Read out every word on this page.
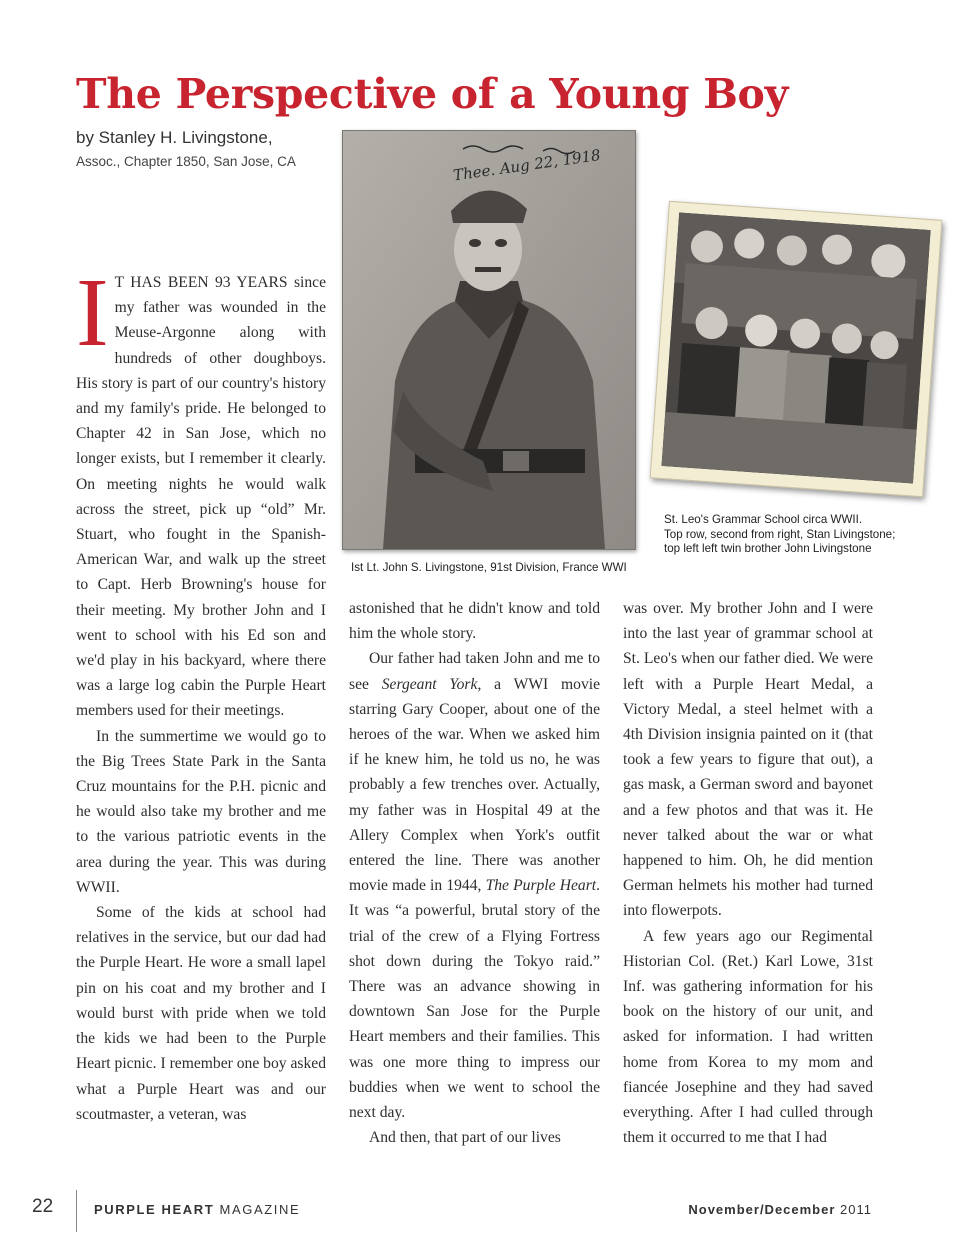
The Perspective of a Young Boy
by Stanley H. Livingstone,
Assoc., Chapter 1850, San Jose, CA	Thee. Aug 22, 1918
St. Leo's Grammar School circa WWII.
Top row, second from right, Stan Livingstone;
top left left twin brother John Livingstone
Ist Lt. John S. Livingstone, 91st Division, France WWI

I T HAS BEEN 93 YEARS since my father was wounded in the Meuse-Argonne along with hundreds of other doughboys. His story is part of our country's history and my family's pride. He belonged to Chapter 42 in San Jose, which no longer exists, but I remember it clearly. On meeting nights he would walk across the street, pick up “old” Mr. Stuart, who fought in the Spanish-American War, and walk up the street to Capt. Herb Browning's house for their meeting. My brother John and I went to school with his Ed son and we'd play in his backyard, where there was a large log cabin the Purple Heart members used for their meetings.

In the summertime we would go to the Big Trees State Park in the Santa Cruz mountains for the P.H. picnic and he would also take my brother and me to the various patriotic events in the area during the year. This was during WWII.

Some of the kids at school had relatives in the service, but our dad had the Purple Heart. He wore a small lapel pin on his coat and my brother and I would burst with pride when we told the kids we had been to the Purple Heart picnic. I remember one boy asked what a Purple Heart was and our scoutmaster, a veteran, was

astonished that he didn't know and told him the whole story.

Our father had taken John and me to see Sergeant York, a WWI movie starring Gary Cooper, about one of the heroes of the war. When we asked him if he knew him, he told us no, he was probably a few trenches over. Actually, my father was in Hospital 49 at the Allery Complex when York's outfit entered the line. There was another movie made in 1944, The Purple Heart. It was “a powerful, brutal story of the trial of the crew of a Flying Fortress shot down during the Tokyo raid.” There was an advance showing in downtown San Jose for the Purple Heart members and their families. This was one more thing to impress our buddies when we went to school the next day.

And then, that part of our lives

was over. My brother John and I were into the last year of grammar school at St. Leo's when our father died. We were left with a Purple Heart Medal, a Victory Medal, a steel helmet with a 4th Division insignia painted on it (that took a few years to figure that out), a gas mask, a German sword and bayonet and a few photos and that was it. He never talked about the war or what happened to him. Oh, he did mention German helmets his mother had turned into flowerpots.

A few years ago our Regimental Historian Col. (Ret.) Karl Lowe, 31st Inf. was gathering information for his book on the history of our unit, and asked for information. I had written home from Korea to my mom and fiancée Josephine and they had saved everything. After I had culled through them it occurred to me that I had

22	PURPLE HEART MAGAZINE	November/December 2011
